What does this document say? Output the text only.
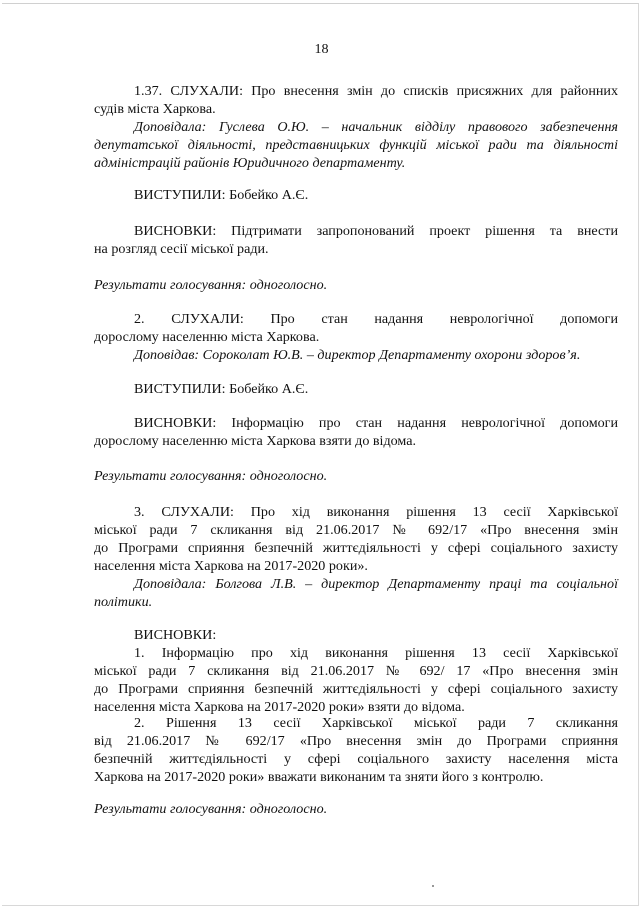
18
1.37. СЛУХАЛИ: Про внесення змін до списків присяжних для районних
судів міста Харкова.
Доповідала: Гуслева О.Ю. – начальник відділу правового забезпечення
депутатської діяльності, представницьких функцій міської ради та діяльності
адміністрацій районів Юридичного департаменту.
ВИСТУПИЛИ: Бобейко А.Є.
ВИСНОВКИ: Підтримати запропонований проект рішення та внести
на розгляд сесії міської ради.
Результати голосування: одноголосно.
2. СЛУХАЛИ: Про стан надання неврологічної допомоги
дорослому населенню міста Харкова.
Доповідав: Сороколат Ю.В. – директор Департаменту охорони здоров’я.
ВИСТУПИЛИ: Бобейко А.Є.
ВИСНОВКИ: Інформацію про стан надання неврологічної допомоги
дорослому населенню міста Харкова взяти до відома.
Результати голосування: одноголосно.
3. СЛУХАЛИ: Про хід виконання рішення 13 сесії Харківської
міської ради 7 скликання від 21.06.2017 № 692/17 «Про внесення змін
до Програми сприяння безпечній життєдіяльності у сфері соціального захисту
населення міста Харкова на 2017-2020 роки».
Доповідала: Болгова Л.В. – директор Департаменту праці та соціальної
політики.
ВИСНОВКИ:
1. Інформацію про хід виконання рішення 13 сесії Харківської
міської ради 7 скликання від 21.06.2017 № 692/ 17 «Про внесення змін
до Програми сприяння безпечній життєдіяльності у сфері соціального захисту
населення міста Харкова на 2017-2020 роки» взяти до відома.
2. Рішення 13 сесії Харківської міської ради 7 скликання
від 21.06.2017 № 692/17 «Про внесення змін до Програми сприяння
безпечній життєдіяльності у сфері соціального захисту населення міста
Харкова на 2017-2020 роки» вважати виконаним та зняти його з контролю.
Результати голосування: одноголосно.
